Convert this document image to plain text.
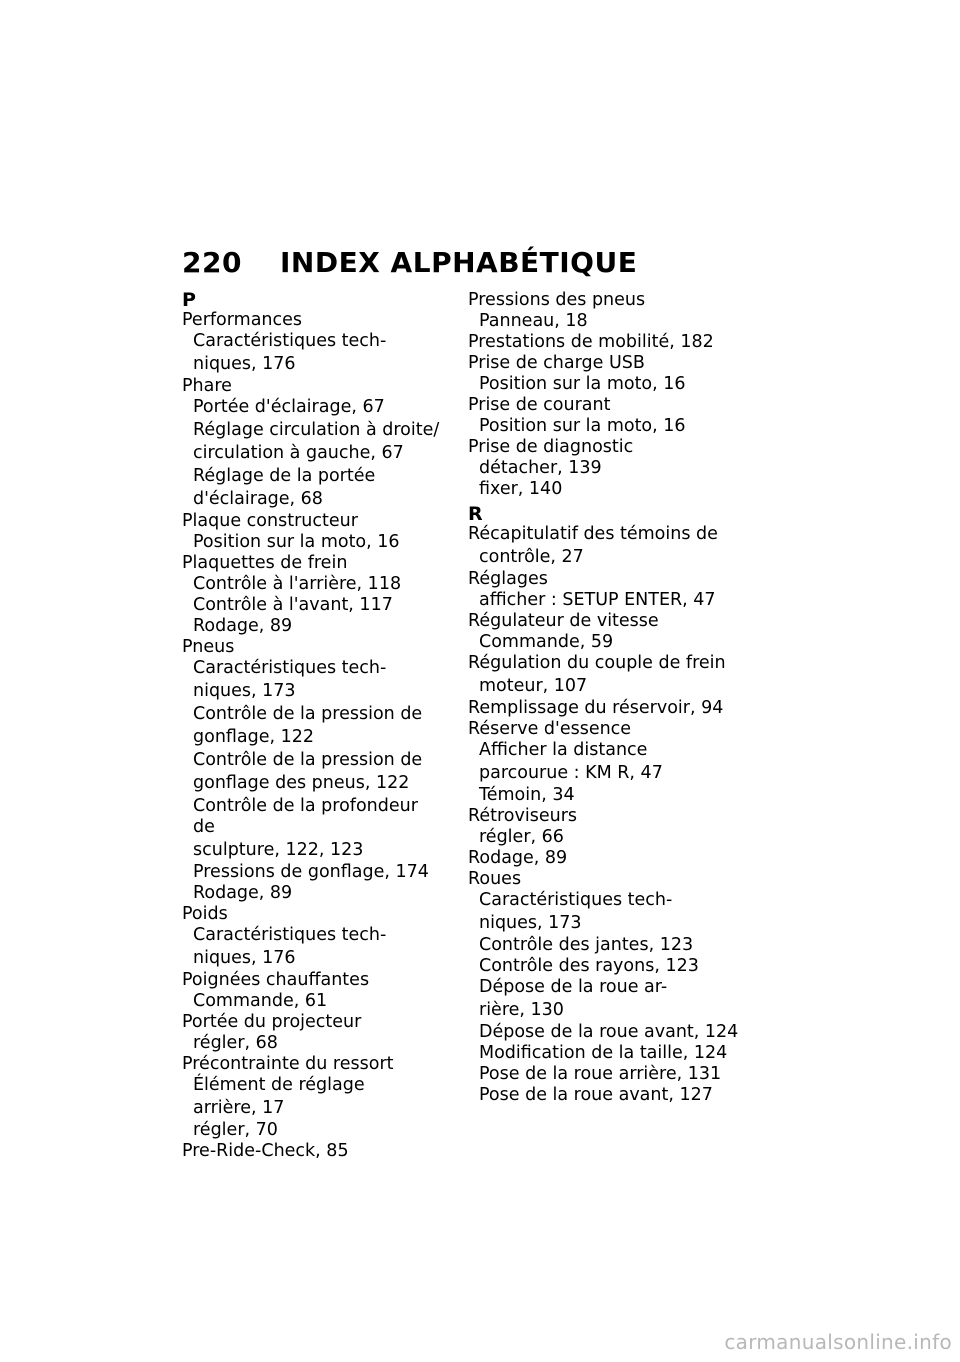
220 INDEX ALPHABÉTIQUE
P
Performances
Caractéristiques tech-
niques, 176
Phare
Portée d'éclairage, 67
Réglage circulation à droite/
circulation à gauche, 67
Réglage de la portée
d'éclairage, 68
Plaque constructeur
Position sur la moto, 16
Plaquettes de frein
Contrôle à l'arrière, 118
Contrôle à l'avant, 117
Rodage, 89
Pneus
Caractéristiques tech-
niques, 173
Contrôle de la pression de
gonflage, 122
Contrôle de la pression de
gonflage des pneus, 122
Contrôle de la profondeur de
sculpture, 122, 123
Pressions de gonflage, 174
Rodage, 89
Poids
Caractéristiques tech-
niques, 176
Poignées chauffantes
Commande, 61
Portée du projecteur
régler, 68
Précontrainte du ressort
Élément de réglage
arrière, 17
régler, 70
Pre-Ride-Check, 85
Pressions des pneus
Panneau, 18
Prestations de mobilité, 182
Prise de charge USB
Position sur la moto, 16
Prise de courant
Position sur la moto, 16
Prise de diagnostic
détacher, 139
fixer, 140
R
Récapitulatif des témoins de
contrôle, 27
Réglages
afficher : SETUP ENTER, 47
Régulateur de vitesse
Commande, 59
Régulation du couple de frein
moteur, 107
Remplissage du réservoir, 94
Réserve d'essence
Afficher la distance
parcourue : KM R, 47
Témoin, 34
Rétroviseurs
régler, 66
Rodage, 89
Roues
Caractéristiques tech-
niques, 173
Contrôle des jantes, 123
Contrôle des rayons, 123
Dépose de la roue ar-
rière, 130
Dépose de la roue avant, 124
Modification de la taille, 124
Pose de la roue arrière, 131
Pose de la roue avant, 127
carmanualsonline.info
